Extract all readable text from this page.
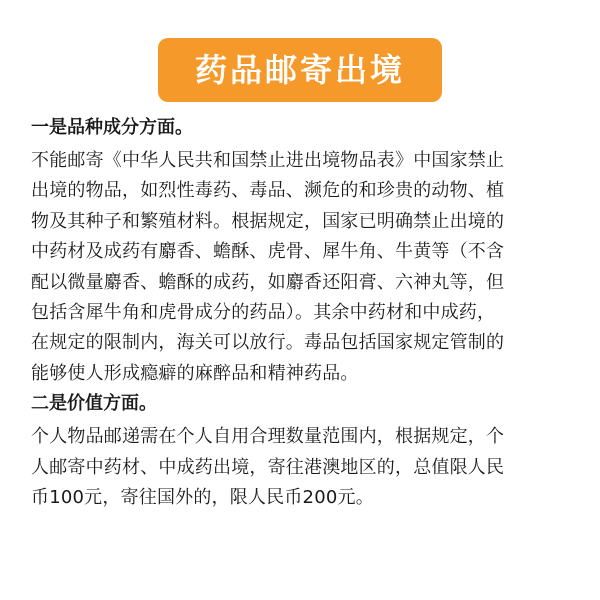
药品邮寄出境
一是品种成分方面。
不能邮寄《中华人民共和国禁止进出境物品表》中国家禁止
出境的物品，如烈性毒药、毒品、濒危的和珍贵的动物、植
物及其种子和繁殖材料。根据规定，国家已明确禁止出境的
中药材及成药有麝香、蟾酥、虎骨、犀牛角、牛黄等（不含
配以微量麝香、蟾酥的成药，如麝香还阳膏、六神丸等，但
包括含犀牛角和虎骨成分的药品）。其余中药材和中成药，
在规定的限制内，海关可以放行。毒品包括国家规定管制的
能够使人形成瘾癖的麻醉品和精神药品。
二是价值方面。
个人物品邮递需在个人自用合理数量范围内，根据规定，个
人邮寄中药材、中成药出境，寄往港澳地区的，总值限人民
币100元，寄往国外的，限人民币200元。
